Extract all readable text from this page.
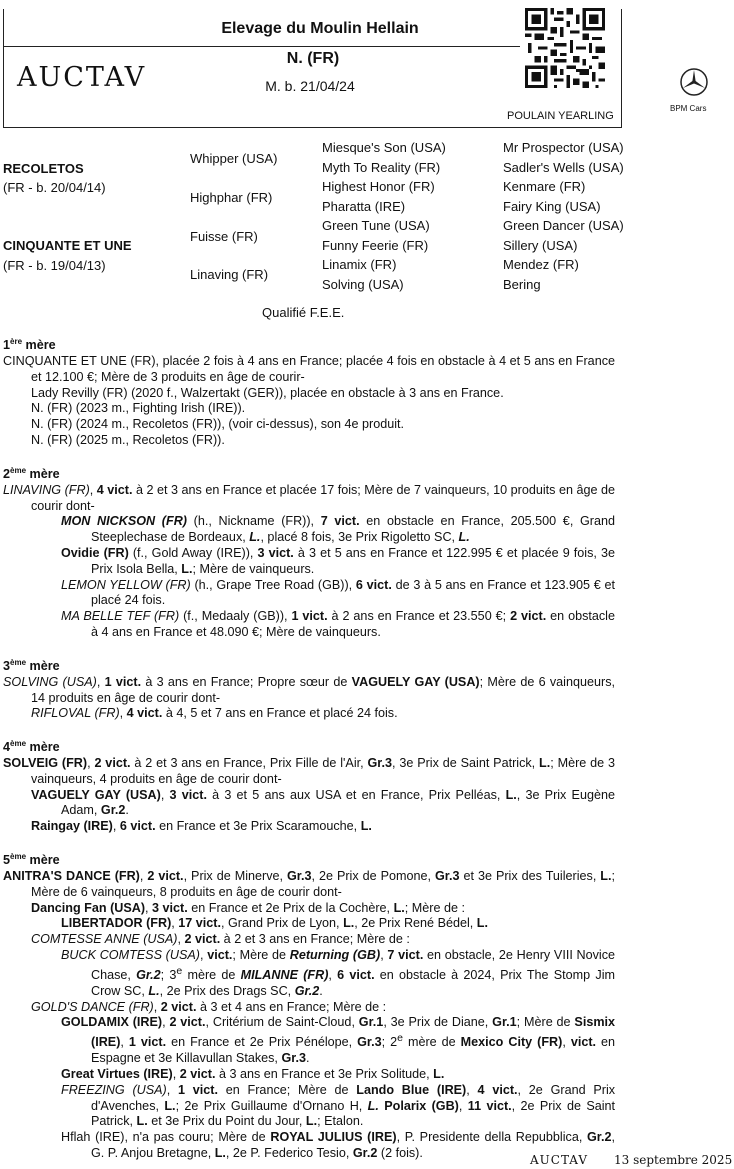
Elevage du Moulin Hellain
N. (FR)
M. b. 21/04/24
AUCTAV
POULAIN YEARLING
BPM Cars
RECOLETOS
(FR - b. 20/04/14)
CINQUANTE ET UNE
(FR - b. 19/04/13)
Whipper (USA)
Highphar (FR)
Fuisse (FR)
Linaving (FR)
Miesque's Son (USA)
Myth To Reality (FR)
Highest Honor (FR)
Pharatta (IRE)
Green Tune (USA)
Funny Feerie (FR)
Linamix (FR)
Solving (USA)
Mr Prospector (USA)
Sadler's Wells (USA)
Kenmare (FR)
Fairy King (USA)
Green Dancer (USA)
Sillery (USA)
Mendez (FR)
Bering
Qualifié F.E.E.

1ère mère

CINQUANTE ET UNE (FR), placée 2 fois à 4 ans en France; placée 4 fois en obstacle à 4 et 5 ans en France et 12.100 €; Mère de 3 produits en âge de courir-

Lady Revilly (FR) (2020 f., Walzertakt (GER)), placée en obstacle à 3 ans en France.

N. (FR) (2023 m., Fighting Irish (IRE)).

N. (FR) (2024 m., Recoletos (FR)), (voir ci-dessus), son 4e produit.

N. (FR) (2025 m., Recoletos (FR)).

2ème mère

LINAVING (FR), 4 vict. à 2 et 3 ans en France et placée 17 fois; Mère de 7 vainqueurs, 10 produits en âge de courir dont-

MON NICKSON (FR) (h., Nickname (FR)), 7 vict. en obstacle en France, 205.500 €, Grand Steeplechase de Bordeaux, L., placé 8 fois, 3e Prix Rigoletto SC, L.

Ovidie (FR) (f., Gold Away (IRE)), 3 vict. à 3 et 5 ans en France et 122.995 € et placée 9 fois, 3e Prix Isola Bella, L.; Mère de vainqueurs.

LEMON YELLOW (FR) (h., Grape Tree Road (GB)), 6 vict. de 3 à 5 ans en France et 123.905 € et placé 24 fois.

MA BELLE TEF (FR) (f., Medaaly (GB)), 1 vict. à 2 ans en France et 23.550 €; 2 vict. en obstacle à 4 ans en France et 48.090 €; Mère de vainqueurs.

3ème mère

SOLVING (USA), 1 vict. à 3 ans en France; Propre sœur de VAGUELY GAY (USA); Mère de 6 vainqueurs, 14 produits en âge de courir dont-

RIFLOVAL (FR), 4 vict. à 4, 5 et 7 ans en France et placé 24 fois.

4ème mère

SOLVEIG (FR), 2 vict. à 2 et 3 ans en France, Prix Fille de l'Air, Gr.3, 3e Prix de Saint Patrick, L.; Mère de 3 vainqueurs, 4 produits en âge de courir dont-

VAGUELY GAY (USA), 3 vict. à 3 et 5 ans aux USA et en France, Prix Pelléas, L., 3e Prix Eugène Adam, Gr.2.

Raingay (IRE), 6 vict. en France et 3e Prix Scaramouche, L.

5ème mère

ANITRA'S DANCE (FR), 2 vict., Prix de Minerve, Gr.3, 2e Prix de Pomone, Gr.3 et 3e Prix des Tuileries, L.; Mère de 6 vainqueurs, 8 produits en âge de courir dont-

Dancing Fan (USA), 3 vict. en France et 2e Prix de la Cochère, L.; Mère de :

LIBERTADOR (FR), 17 vict., Grand Prix de Lyon, L., 2e Prix René Bédel, L.

COMTESSE ANNE (USA), 2 vict. à 2 et 3 ans en France; Mère de :

BUCK COMTESS (USA), vict.; Mère de Returning (GB), 7 vict. en obstacle, 2e Henry VIII Novice Chase, Gr.2; 3e mère de MILANNE (FR), 6 vict. en obstacle à 2024, Prix The Stomp Jim Crow SC, L., 2e Prix des Drags SC, Gr.2.

GOLD'S DANCE (FR), 2 vict. à 3 et 4 ans en France; Mère de :

GOLDAMIX (IRE), 2 vict., Critérium de Saint-Cloud, Gr.1, 3e Prix de Diane, Gr.1; Mère de Sismix (IRE), 1 vict. en France et 2e Prix Pénélope, Gr.3; 2e mère de Mexico City (FR), vict. en Espagne et 3e Killavullan Stakes, Gr.3.

Great Virtues (IRE), 2 vict. à 3 ans en France et 3e Prix Solitude, L.

FREEZING (USA), 1 vict. en France; Mère de Lando Blue (IRE), 4 vict., 2e Grand Prix d'Avenches, L.; 2e Prix Guillaume d'Ornano H, L. Polarix (GB), 11 vict., 2e Prix de Saint Patrick, L. et 3e Prix du Point du Jour, L.; Etalon.

Hflah (IRE), n'a pas couru; Mère de ROYAL JULIUS (IRE), P. Presidente della Repubblica, Gr.2, G. P. Anjou Bretagne, L., 2e P. Federico Tesio, Gr.2 (2 fois).

AUCTAV 13 septembre 2025
